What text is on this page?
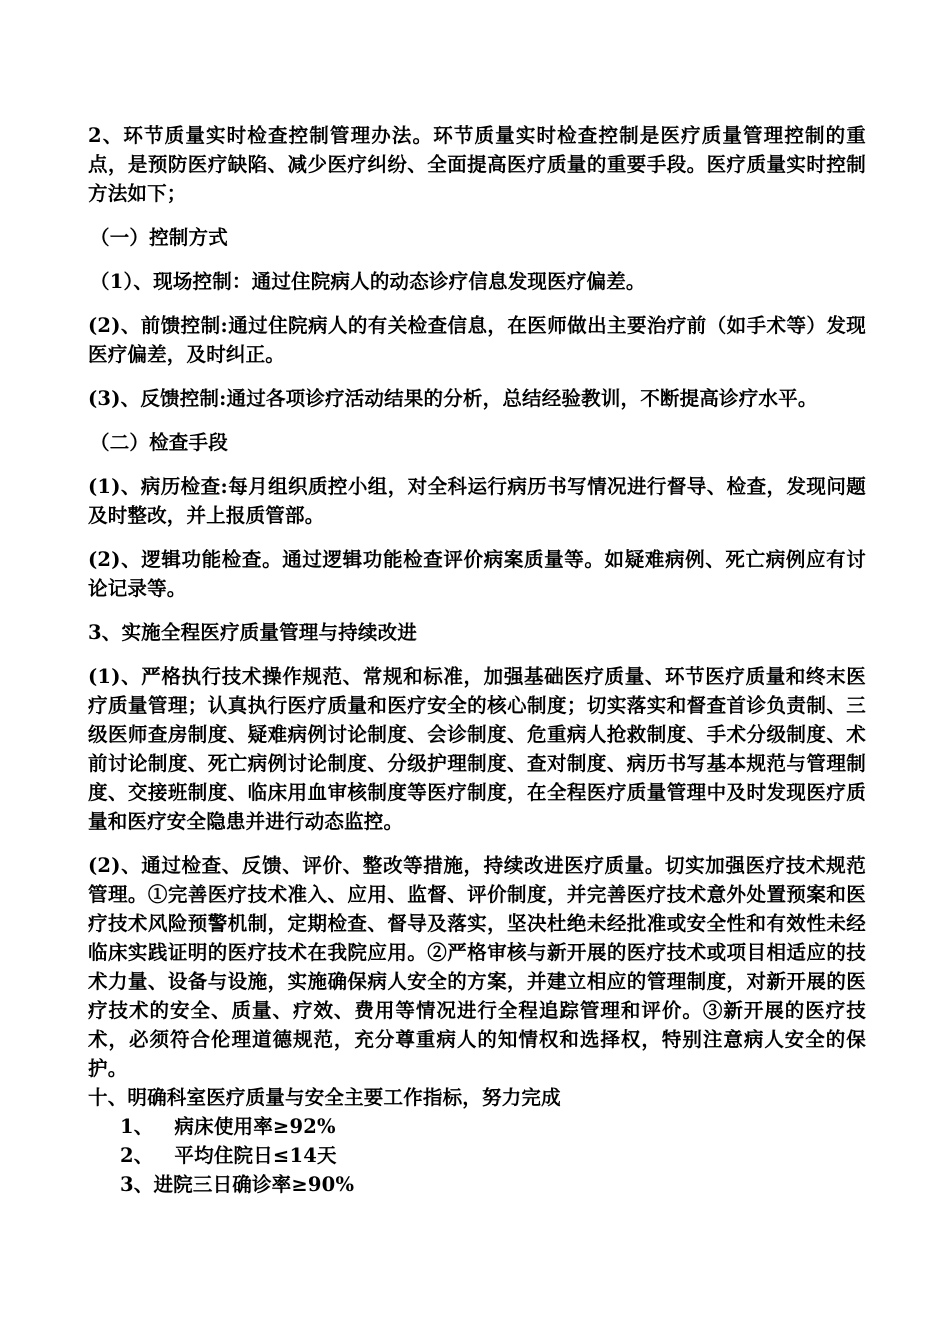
2、环节质量实时检查控制管理办法。环节质量实时检查控制是医疗质量管理控制的重点，是预防医疗缺陷、减少医疗纠纷、全面提高医疗质量的重要手段。医疗质量实时控制方法如下；

（一）控制方式

（1）、现场控制：通过住院病人的动态诊疗信息发现医疗偏差。

(2)、前馈控制:通过住院病人的有关检查信息，在医师做出主要治疗前（如手术等）发现医疗偏差，及时纠正。

(3)、反馈控制:通过各项诊疗活动结果的分析，总结经验教训，不断提高诊疗水平。

（二）检查手段

(1)、病历检查:每月组织质控小组，对全科运行病历书写情况进行督导、检查，发现问题及时整改，并上报质管部。

(2)、逻辑功能检查。通过逻辑功能检查评价病案质量等。如疑难病例、死亡病例应有讨论记录等。

3、实施全程医疗质量管理与持续改进

(1)、严格执行技术操作规范、常规和标准，加强基础医疗质量、环节医疗质量和终末医疗质量管理；认真执行医疗质量和医疗安全的核心制度；切实落实和督查首诊负责制、三级医师查房制度、疑难病例讨论制度、会诊制度、危重病人抢救制度、手术分级制度、术前讨论制度、死亡病例讨论制度、分级护理制度、查对制度、病历书写基本规范与管理制度、交接班制度、临床用血审核制度等医疗制度，在全程医疗质量管理中及时发现医疗质量和医疗安全隐患并进行动态监控。

(2)、通过检查、反馈、评价、整改等措施，持续改进医疗质量。切实加强医疗技术规范管理。①完善医疗技术准入、应用、监督、评价制度，并完善医疗技术意外处置预案和医疗技术风险预警机制，定期检查、督导及落实，坚决杜绝未经批准或安全性和有效性未经临床实践证明的医疗技术在我院应用。②严格审核与新开展的医疗技术或项目相适应的技术力量、设备与设施，实施确保病人安全的方案，并建立相应的管理制度，对新开展的医疗技术的安全、质量、疗效、费用等情况进行全程追踪管理和评价。③新开展的医疗技术，必须符合伦理道德规范，充分尊重病人的知情权和选择权，特别注意病人安全的保护。

十、明确科室医疗质量与安全主要工作指标，努力完成

1、   病床使用率≥92%
2、   平均住院日≤14天
3、进院三日确诊率≥90%
